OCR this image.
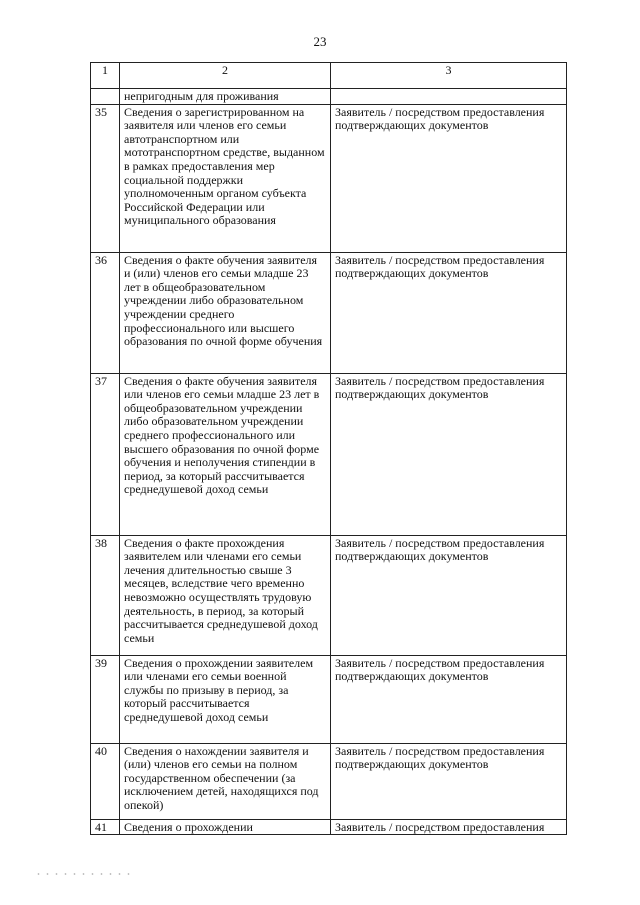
23
1	2	3
	непригодным для проживания	
35	Сведения о зарегистрированном на заявителя или членов его семьи автотранспортном или мототранспортном средстве, выданном в рамках предоставления мер социальной поддержки уполномоченным органом субъекта Российской Федерации или муниципального образования	Заявитель / посредством предоставления подтверждающих документов
36	Сведения о факте обучения заявителя и (или) членов его семьи младше 23 лет в общеобразовательном учреждении либо образовательном учреждении среднего профессионального или высшего образования по очной форме обучения	Заявитель / посредством предоставления подтверждающих документов
37	Сведения о факте обучения заявителя или членов его семьи младше 23 лет в общеобразовательном учреждении либо образовательном учреждении среднего профессионального или высшего образования по очной форме обучения и неполучения стипендии в период, за который рассчитывается среднедушевой доход семьи	Заявитель / посредством предоставления подтверждающих документов
38	Сведения о факте прохождения заявителем или членами его семьи лечения длительностью свыше 3 месяцев, вследствие чего временно невозможно осуществлять трудовую деятельность, в период, за который рассчитывается среднедушевой доход семьи	Заявитель / посредством предоставления подтверждающих документов
39	Сведения о прохождении заявителем или членами его семьи военной службы по призыву в период, за который рассчитывается среднедушевой доход семьи	Заявитель / посредством предоставления подтверждающих документов
40	Сведения о нахождении заявителя и (или) членов его семьи на полном государственном обеспечении (за исключением детей, находящихся под опекой)	Заявитель / посредством предоставления подтверждающих документов
41	Сведения о прохождении	Заявитель / посредством предоставления
